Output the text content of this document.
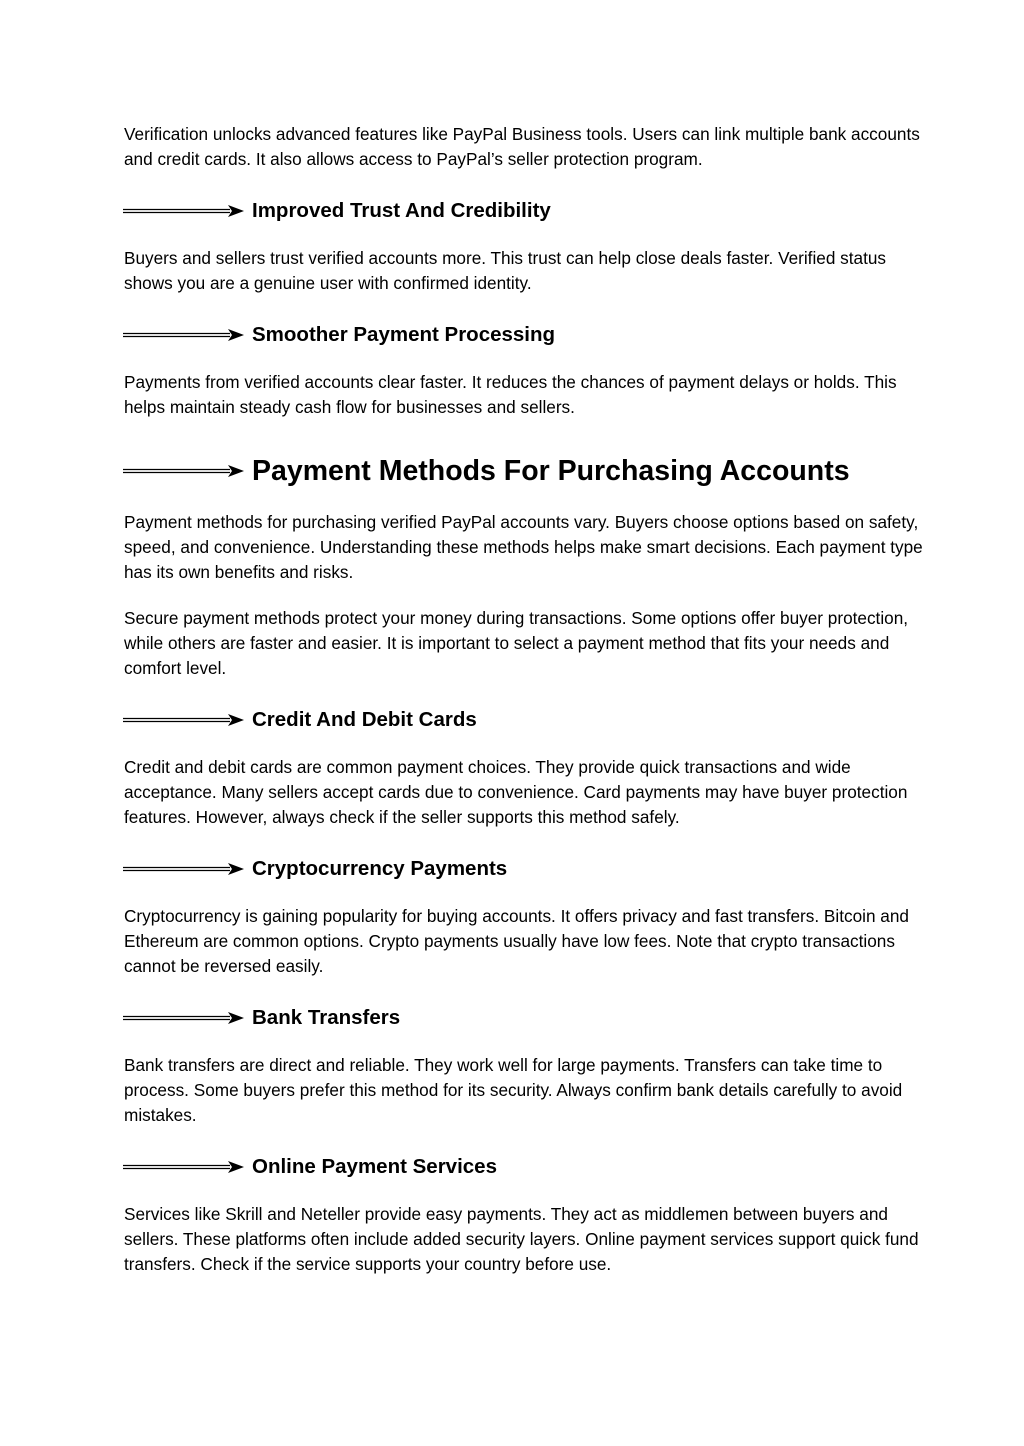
Verification unlocks advanced features like PayPal Business tools. Users can link multiple bank accounts and credit cards. It also allows access to PayPal’s seller protection program.

Improved Trust And Credibility

Buyers and sellers trust verified accounts more. This trust can help close deals faster. Verified status shows you are a genuine user with confirmed identity.

Smoother Payment Processing

Payments from verified accounts clear faster. It reduces the chances of payment delays or holds. This helps maintain steady cash flow for businesses and sellers.

Payment Methods For Purchasing Accounts

Payment methods for purchasing verified PayPal accounts vary. Buyers choose options based on safety, speed, and convenience. Understanding these methods helps make smart decisions. Each payment type has its own benefits and risks.

Secure payment methods protect your money during transactions. Some options offer buyer protection, while others are faster and easier. It is important to select a payment method that fits your needs and comfort level.

Credit And Debit Cards

Credit and debit cards are common payment choices. They provide quick transactions and wide acceptance. Many sellers accept cards due to convenience. Card payments may have buyer protection features. However, always check if the seller supports this method safely.

Cryptocurrency Payments

Cryptocurrency is gaining popularity for buying accounts. It offers privacy and fast transfers. Bitcoin and Ethereum are common options. Crypto payments usually have low fees. Note that crypto transactions cannot be reversed easily.

Bank Transfers

Bank transfers are direct and reliable. They work well for large payments. Transfers can take time to process. Some buyers prefer this method for its security. Always confirm bank details carefully to avoid mistakes.

Online Payment Services

Services like Skrill and Neteller provide easy payments. They act as middlemen between buyers and sellers. These platforms often include added security layers. Online payment services support quick fund transfers. Check if the service supports your country before use.
